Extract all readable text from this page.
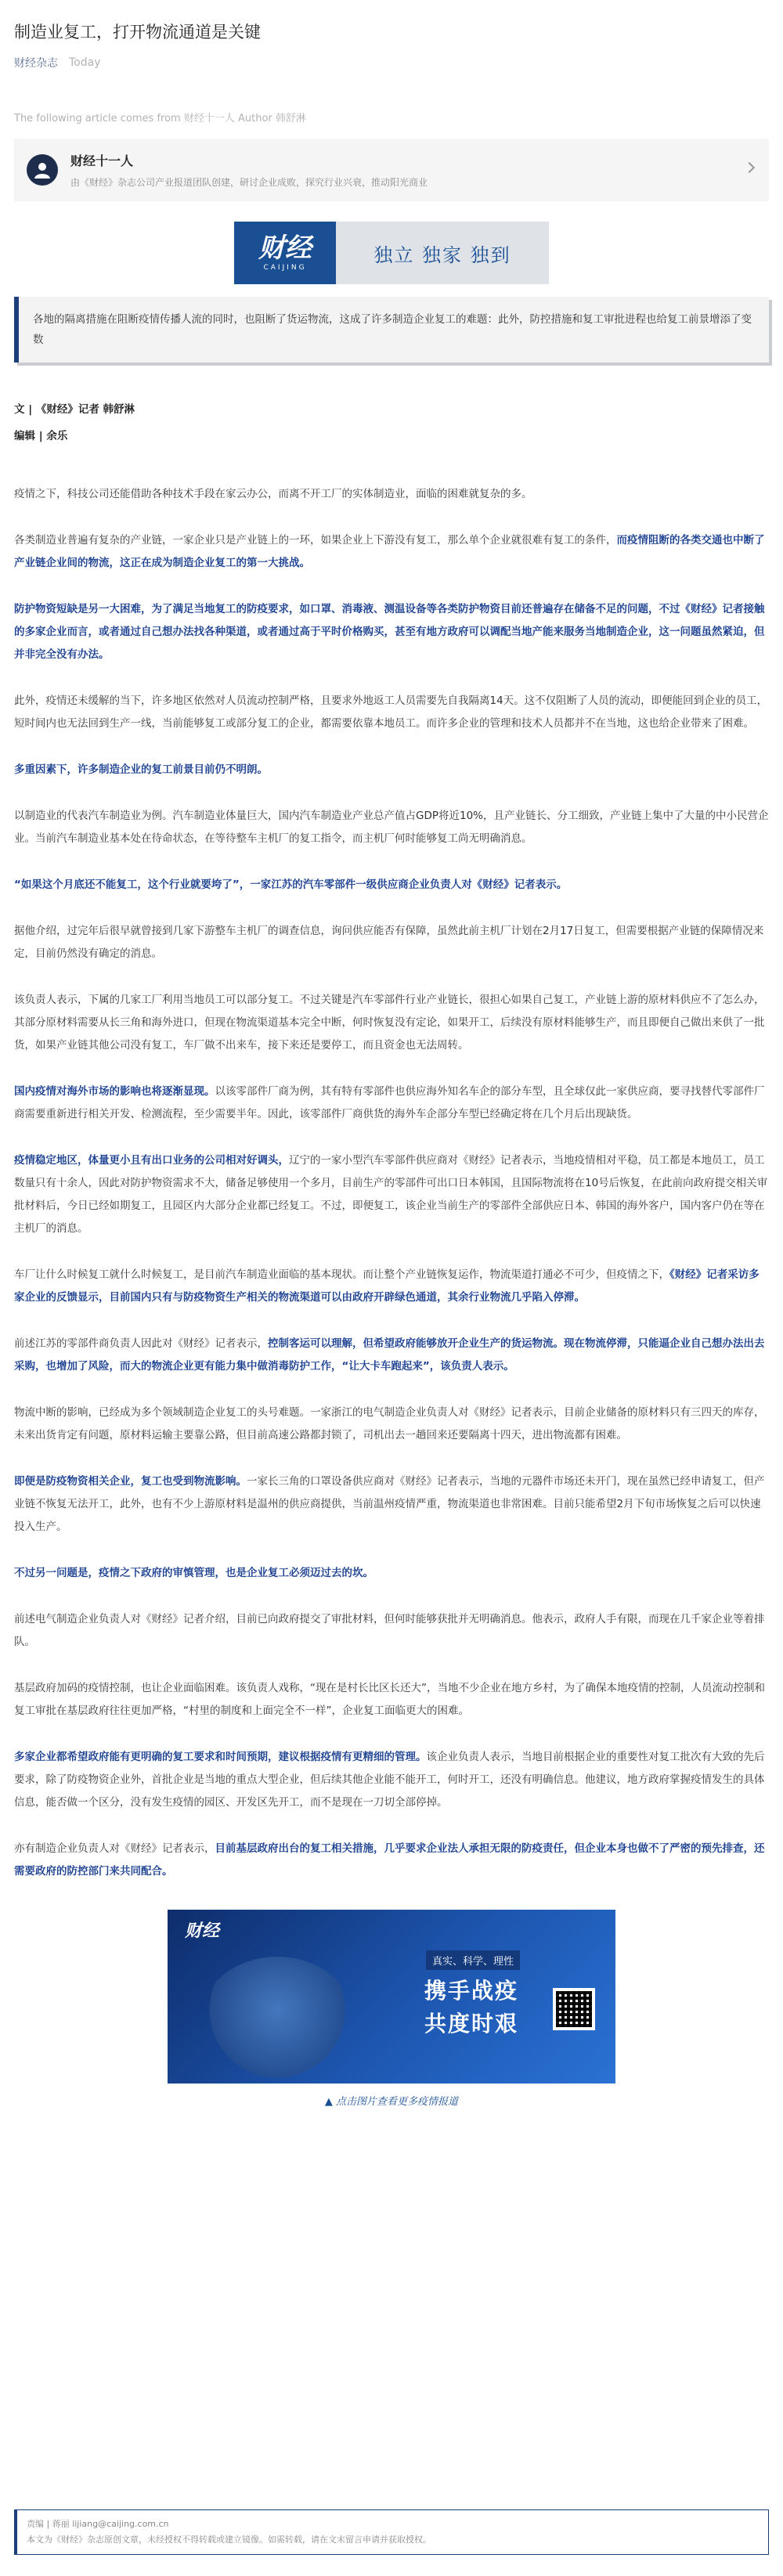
制造业复工，打开物流通道是关键
财经杂志 Today
The following article comes from 财经十一人 Author 韩舒淋
财经十一人
由《财经》杂志公司产业报道团队创建，研讨企业成败，探究行业兴衰，推动阳光商业
财经
CAIJING
独立 独家 独到
各地的隔离措施在阻断疫情传播人流的同时，也阻断了货运物流，这成了许多制造企业复工的难题：此外，防控措施和复工审批进程也给复工前景增添了变数
文 | 《财经》记者 韩舒淋
编辑 | 余乐

疫情之下，科技公司还能借助各种技术手段在家云办公，而离不开工厂的实体制造业，面临的困难就复杂的多。

各类制造业普遍有复杂的产业链，一家企业只是产业链上的一环，如果企业上下游没有复工，那么单个企业就很难有复工的条件，而疫情阻断的各类交通也中断了产业链企业间的物流，这正在成为制造企业复工的第一大挑战。

防护物资短缺是另一大困难，为了满足当地复工的防疫要求，如口罩、消毒液、测温设备等各类防护物资目前还普遍存在储备不足的问题，不过《财经》记者接触的多家企业而言，或者通过自己想办法找各种渠道，或者通过高于平时价格购买，甚至有地方政府可以调配当地产能来服务当地制造企业，这一问题虽然紧迫，但并非完全没有办法。

此外，疫情还未缓解的当下，许多地区依然对人员流动控制严格，且要求外地返工人员需要先自我隔离14天。这不仅阻断了人员的流动，即便能回到企业的员工，短时间内也无法回到生产一线，当前能够复工或部分复工的企业，都需要依靠本地员工。而许多企业的管理和技术人员都并不在当地，这也给企业带来了困难。

多重因素下，许多制造企业的复工前景目前仍不明朗。

以制造业的代表汽车制造业为例。汽车制造业体量巨大，国内汽车制造业产业总产值占GDP将近10%，且产业链长、分工细致，产业链上集中了大量的中小民营企业。当前汽车制造业基本处在待命状态，在等待整车主机厂的复工指令，而主机厂何时能够复工尚无明确消息。

“如果这个月底还不能复工，这个行业就要垮了”，一家江苏的汽车零部件一级供应商企业负责人对《财经》记者表示。

据他介绍，过完年后很早就曾接到几家下游整车主机厂的调查信息，询问供应能否有保障，虽然此前主机厂计划在2月17日复工，但需要根据产业链的保障情况来定，目前仍然没有确定的消息。

该负责人表示，下属的几家工厂利用当地员工可以部分复工。不过关键是汽车零部件行业产业链长，很担心如果自己复工，产业链上游的原材料供应不了怎么办，其部分原材料需要从长三角和海外进口，但现在物流渠道基本完全中断，何时恢复没有定论，如果开工，后续没有原材料能够生产，而且即便自己做出来供了一批货，如果产业链其他公司没有复工，车厂做不出来车，接下来还是要停工，而且资金也无法周转。

国内疫情对海外市场的影响也将逐渐显现。以该零部件厂商为例，其有特有零部件也供应海外知名车企的部分车型，且全球仅此一家供应商，要寻找替代零部件厂商需要重新进行相关开发、检测流程，至少需要半年。因此，该零部件厂商供货的海外车企部分车型已经确定将在几个月后出现缺货。

疫情稳定地区，体量更小且有出口业务的公司相对好调头，辽宁的一家小型汽车零部件供应商对《财经》记者表示，当地疫情相对平稳，员工都是本地员工，员工数量只有十余人，因此对防护物资需求不大，储备足够使用一个多月，目前生产的零部件可出口日本韩国，且国际物流将在10号后恢复，在此前向政府提交相关审批材料后，今日已经如期复工，且园区内大部分企业都已经复工。不过，即便复工，该企业当前生产的零部件全部供应日本、韩国的海外客户，国内客户仍在等在主机厂的消息。

车厂让什么时候复工就什么时候复工，是目前汽车制造业面临的基本现状。而让整个产业链恢复运作，物流渠道打通必不可少，但疫情之下，《财经》记者采访多家企业的反馈显示，目前国内只有与防疫物资生产相关的物流渠道可以由政府开辟绿色通道，其余行业物流几乎陷入停滞。

前述江苏的零部件商负责人因此对《财经》记者表示，控制客运可以理解，但希望政府能够放开企业生产的货运物流。现在物流停滞，只能逼企业自己想办法出去采购，也增加了风险，而大的物流企业更有能力集中做消毒防护工作，“让大卡车跑起来”，该负责人表示。

物流中断的影响，已经成为多个领域制造企业复工的头号难题。一家浙江的电气制造企业负责人对《财经》记者表示，目前企业储备的原材料只有三四天的库存，未来出货肯定有问题，原材料运输主要靠公路，但目前高速公路都封锁了，司机出去一趟回来还要隔离十四天，进出物流都有困难。

即便是防疫物资相关企业，复工也受到物流影响。一家长三角的口罩设备供应商对《财经》记者表示，当地的元器件市场还未开门，现在虽然已经申请复工，但产业链不恢复无法开工，此外，也有不少上游原材料是温州的供应商提供，当前温州疫情严重，物流渠道也非常困难。目前只能希望2月下旬市场恢复之后可以快速投入生产。

不过另一问题是，疫情之下政府的审慎管理，也是企业复工必须迈过去的坎。

前述电气制造企业负责人对《财经》记者介绍，目前已向政府提交了审批材料，但何时能够获批并无明确消息。他表示，政府人手有限，而现在几千家企业等着排队。

基层政府加码的疫情控制，也让企业面临困难。该负责人戏称，“现在是村长比区长还大”，当地不少企业在地方乡村，为了确保本地疫情的控制，人员流动控制和复工审批在基层政府往往更加严格，“村里的制度和上面完全不一样”，企业复工面临更大的困难。

多家企业都希望政府能有更明确的复工要求和时间预期，建议根据疫情有更精细的管理。该企业负责人表示，当地目前根据企业的重要性对复工批次有大致的先后要求，除了防疫物资企业外，首批企业是当地的重点大型企业，但后续其他企业能不能开工，何时开工，还没有明确信息。他建议，地方政府掌握疫情发生的具体信息，能否做一个区分，没有发生疫情的园区、开发区先开工，而不是现在一刀切全部停掉。

亦有制造企业负责人对《财经》记者表示，目前基层政府出台的复工相关措施，几乎要求企业法人承担无限的防疫责任，但企业本身也做不了严密的预先排查，还需要政府的防控部门来共同配合。

财经
真实、科学、理性
携手战疫
共度时艰
▲ 点击图片查看更多疫情报道
责编 | 蒋丽 lijiang@caijing.com.cn
本文为《财经》杂志原创文章，未经授权不得转载或建立镜像。如需转载，请在文末留言申请并获取授权。
